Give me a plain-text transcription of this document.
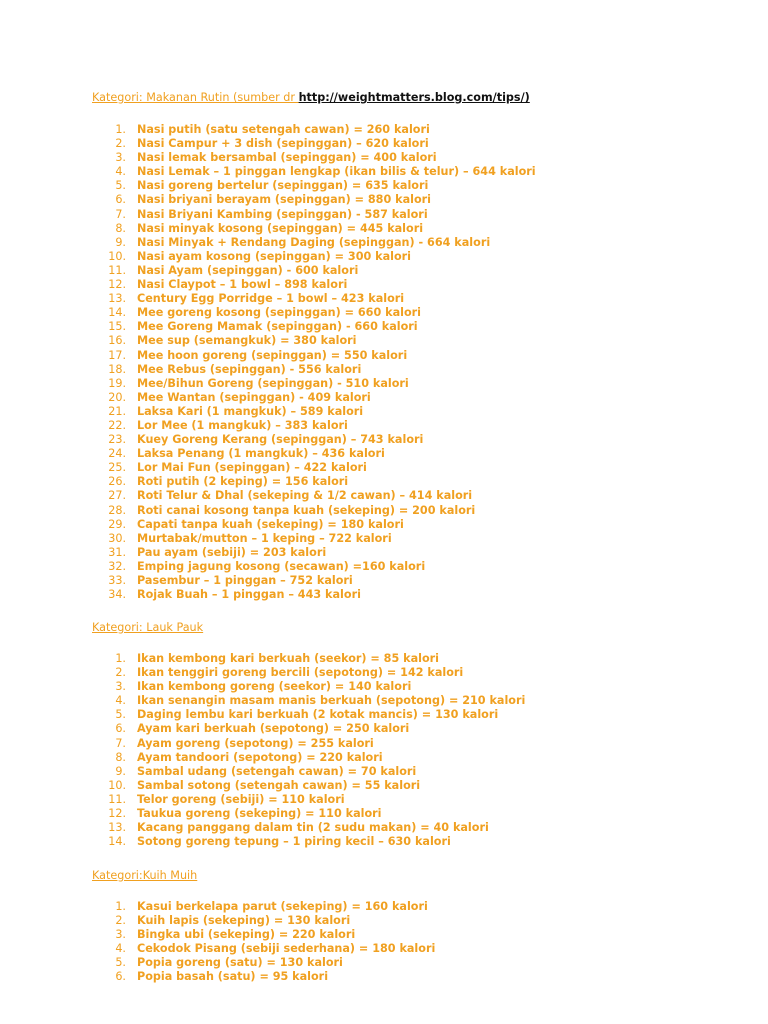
Kategori: Makanan Rutin (sumber dr http://weightmatters.blog.com/tips/)
1. Nasi putih (satu setengah cawan) = 260 kalori
2. Nasi Campur + 3 dish (sepinggan) – 620 kalori
3. Nasi lemak bersambal (sepinggan) = 400 kalori
4. Nasi Lemak – 1 pinggan lengkap (ikan bilis & telur) – 644 kalori
5. Nasi goreng bertelur (sepinggan) = 635 kalori
6. Nasi briyani berayam (sepinggan) = 880 kalori
7. Nasi Briyani Kambing (sepinggan) - 587 kalori
8. Nasi minyak kosong (sepinggan) = 445 kalori
9. Nasi Minyak + Rendang Daging (sepinggan) - 664 kalori
10. Nasi ayam kosong (sepinggan) = 300 kalori
11. Nasi Ayam (sepinggan) - 600 kalori
12. Nasi Claypot – 1 bowl – 898 kalori
13. Century Egg Porridge – 1 bowl – 423 kalori
14. Mee goreng kosong (sepinggan) = 660 kalori
15. Mee Goreng Mamak (sepinggan) - 660 kalori
16. Mee sup (semangkuk) = 380 kalori
17. Mee hoon goreng (sepinggan) = 550 kalori
18. Mee Rebus (sepinggan) - 556 kalori
19. Mee/Bihun Goreng (sepinggan) - 510 kalori
20. Mee Wantan (sepinggan) - 409 kalori
21. Laksa Kari (1 mangkuk) – 589 kalori
22. Lor Mee (1 mangkuk) – 383 kalori
23. Kuey Goreng Kerang (sepinggan) – 743 kalori
24. Laksa Penang (1 mangkuk) – 436 kalori
25. Lor Mai Fun (sepinggan) – 422 kalori
26. Roti putih (2 keping) = 156 kalori
27. Roti Telur & Dhal (sekeping & 1/2 cawan) – 414 kalori
28. Roti canai kosong tanpa kuah (sekeping) = 200 kalori
29. Capati tanpa kuah (sekeping) = 180 kalori
30. Murtabak/mutton – 1 keping – 722 kalori
31. Pau ayam (sebiji) = 203 kalori
32. Emping jagung kosong (secawan) =160 kalori
33. Pasembur – 1 pinggan – 752 kalori
34. Rojak Buah – 1 pinggan – 443 kalori
Kategori: Lauk Pauk
1. Ikan kembong kari berkuah (seekor) = 85 kalori
2. Ikan tenggiri goreng bercili (sepotong) = 142 kalori
3. Ikan kembong goreng (seekor) = 140 kalori
4. Ikan senangin masam manis berkuah (sepotong) = 210 kalori
5. Daging lembu kari berkuah (2 kotak mancis) = 130 kalori
6. Ayam kari berkuah (sepotong) = 250 kalori
7. Ayam goreng (sepotong) = 255 kalori
8. Ayam tandoori (sepotong) = 220 kalori
9. Sambal udang (setengah cawan) = 70 kalori
10. Sambal sotong (setengah cawan) = 55 kalori
11. Telor goreng (sebiji) = 110 kalori
12. Taukua goreng (sekeping) = 110 kalori
13. Kacang panggang dalam tin (2 sudu makan) = 40 kalori
14. Sotong goreng tepung – 1 piring kecil – 630 kalori
Kategori:Kuih Muih
1. Kasui berkelapa parut (sekeping) = 160 kalori
2. Kuih lapis (sekeping) = 130 kalori
3. Bingka ubi (sekeping) = 220 kalori
4. Cekodok Pisang (sebiji sederhana) = 180 kalori
5. Popia goreng (satu) = 130 kalori
6. Popia basah (satu) = 95 kalori
